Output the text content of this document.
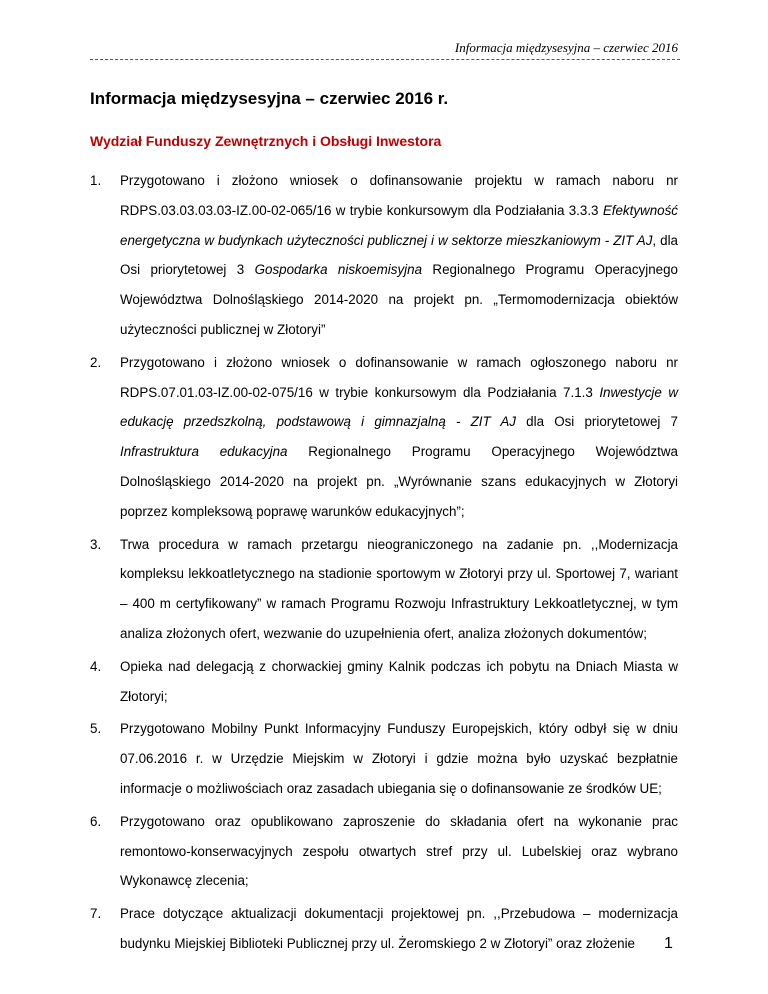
Informacja międzysesyjna – czerwiec 2016
Informacja międzysesyjna – czerwiec 2016 r.
Wydział Funduszy Zewnętrznych i Obsługi Inwestora
1. Przygotowano i złożono wniosek o dofinansowanie projektu w ramach naboru nr RDPS.03.03.03.03-IZ.00-02-065/16 w trybie konkursowym dla Podziałania 3.3.3 Efektywność energetyczna w budynkach użyteczności publicznej i w sektorze mieszkaniowym - ZIT AJ, dla Osi priorytetowej 3 Gospodarka niskoemisyjna Regionalnego Programu Operacyjnego Województwa Dolnośląskiego 2014-2020 na projekt pn. „Termomodernizacja obiektów użyteczności publicznej w Złotoryi”
2. Przygotowano i złożono wniosek o dofinansowanie w ramach ogłoszonego naboru nr RDPS.07.01.03-IZ.00-02-075/16 w trybie konkursowym dla Podziałania 7.1.3 Inwestycje w edukację przedszkolną, podstawową i gimnazjalną - ZIT AJ dla Osi priorytetowej 7 Infrastruktura edukacyjna Regionalnego Programu Operacyjnego Województwa Dolnośląskiego 2014-2020 na projekt pn. „Wyrównanie szans edukacyjnych w Złotoryi poprzez kompleksową poprawę warunków edukacyjnych”;
3. Trwa procedura w ramach przetargu nieograniczonego na zadanie pn. ,,Modernizacja kompleksu lekkoatletycznego na stadionie sportowym w Złotoryi przy ul. Sportowej 7, wariant – 400 m certyfikowany” w ramach Programu Rozwoju Infrastruktury Lekkoatletycznej, w tym analiza złożonych ofert, wezwanie do uzupełnienia ofert, analiza złożonych dokumentów;
4. Opieka nad delegacją z chorwackiej gminy Kalnik podczas ich pobytu na Dniach Miasta w Złotoryi;
5. Przygotowano Mobilny Punkt Informacyjny Funduszy Europejskich, który odbył się w dniu 07.06.2016 r. w Urzędzie Miejskim w Złotoryi i gdzie można było uzyskać bezpłatnie informacje o możliwościach oraz zasadach ubiegania się o dofinansowanie ze środków UE;
6. Przygotowano oraz opublikowano zaproszenie do składania ofert na wykonanie prac remontowo-konserwacyjnych zespołu otwartych stref przy ul. Lubelskiej oraz wybrano Wykonawcę zlecenia;
7. Prace dotyczące aktualizacji dokumentacji projektowej pn. ,,Przebudowa – modernizacja budynku Miejskiej Biblioteki Publicznej przy ul. Żeromskiego 2 w Złotoryi” oraz złożenie	1
